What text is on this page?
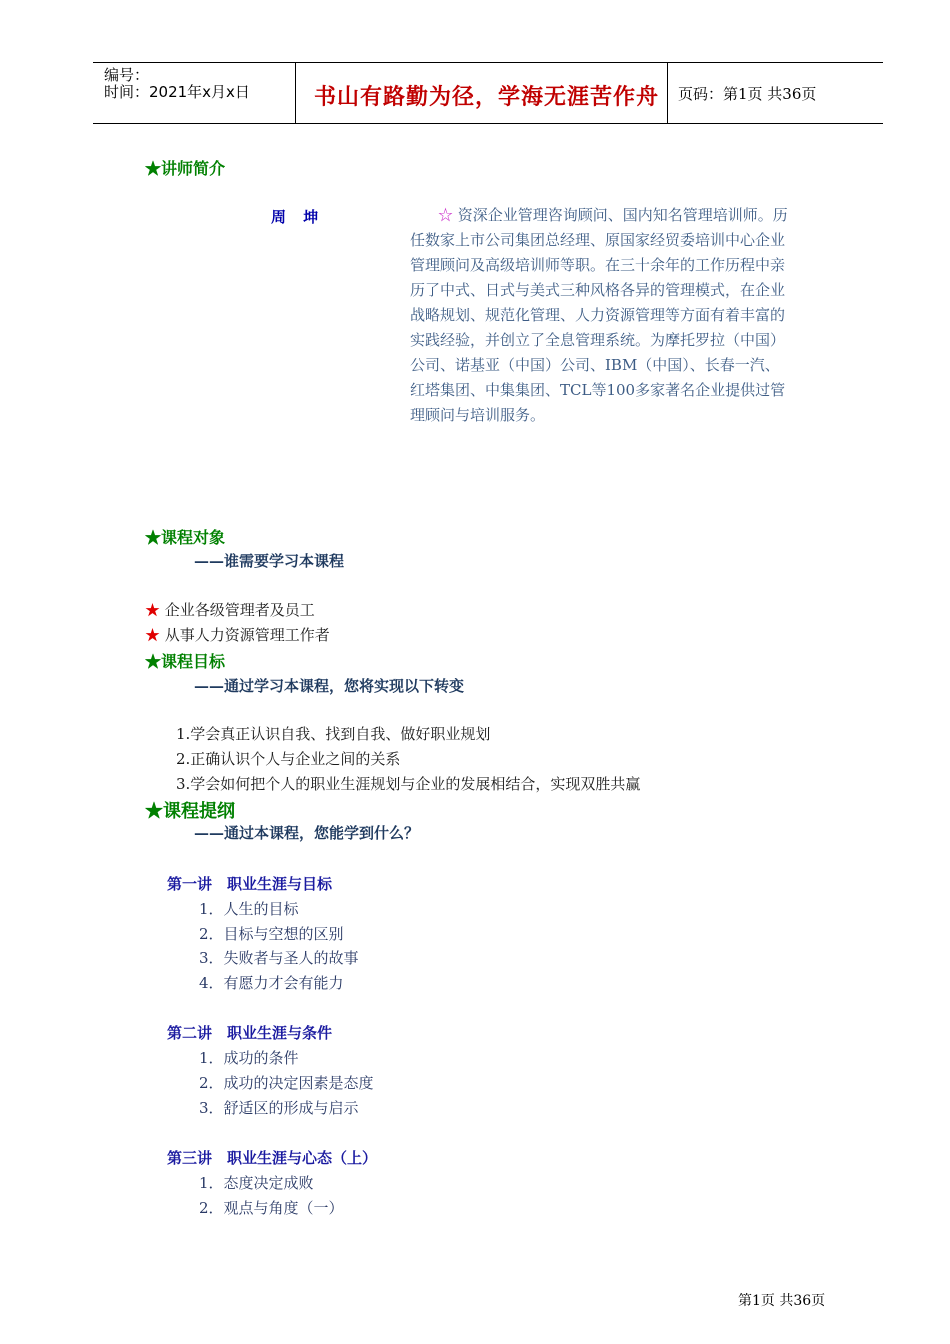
编号：
时间：2021年x月x日	书山有路勤为径，学海无涯苦作舟 页码：第1页 共36页
★讲师简介
周 坤	☆ 资深企业管理咨询顾问、国内知名管理培训师。历任数家上市公司集团总经理、原国家经贸委培训中心企业管理顾问及高级培训师等职。在三十余年的工作历程中亲历了中式、日式与美式三种风格各异的管理模式，在企业战略规划、规范化管理、人力资源管理等方面有着丰富的实践经验，并创立了全息管理系统。为摩托罗拉（中国）公司、诺基亚（中国）公司、IBM（中国）、长春一汽、红塔集团、中集集团、TCL等100多家著名企业提供过管理顾问与培训服务。
★课程对象
——谁需要学习本课程
★ 企业各级管理者及员工
★ 从事人力资源管理工作者
★课程目标
——通过学习本课程，您将实现以下转变
1.学会真正认识自我、找到自我、做好职业规划
2.正确认识个人与企业之间的关系
3.学会如何把个人的职业生涯规划与企业的发展相结合，实现双胜共赢
★课程提纲
——通过本课程，您能学到什么？
第一讲　职业生涯与目标
1．人生的目标
2．目标与空想的区别
3．失败者与圣人的故事
4．有愿力才会有能力
第二讲　职业生涯与条件
1．成功的条件
2．成功的决定因素是态度
3．舒适区的形成与启示
第三讲　职业生涯与心态（上）
1．态度决定成败
2．观点与角度（一）
第1页 共36页
